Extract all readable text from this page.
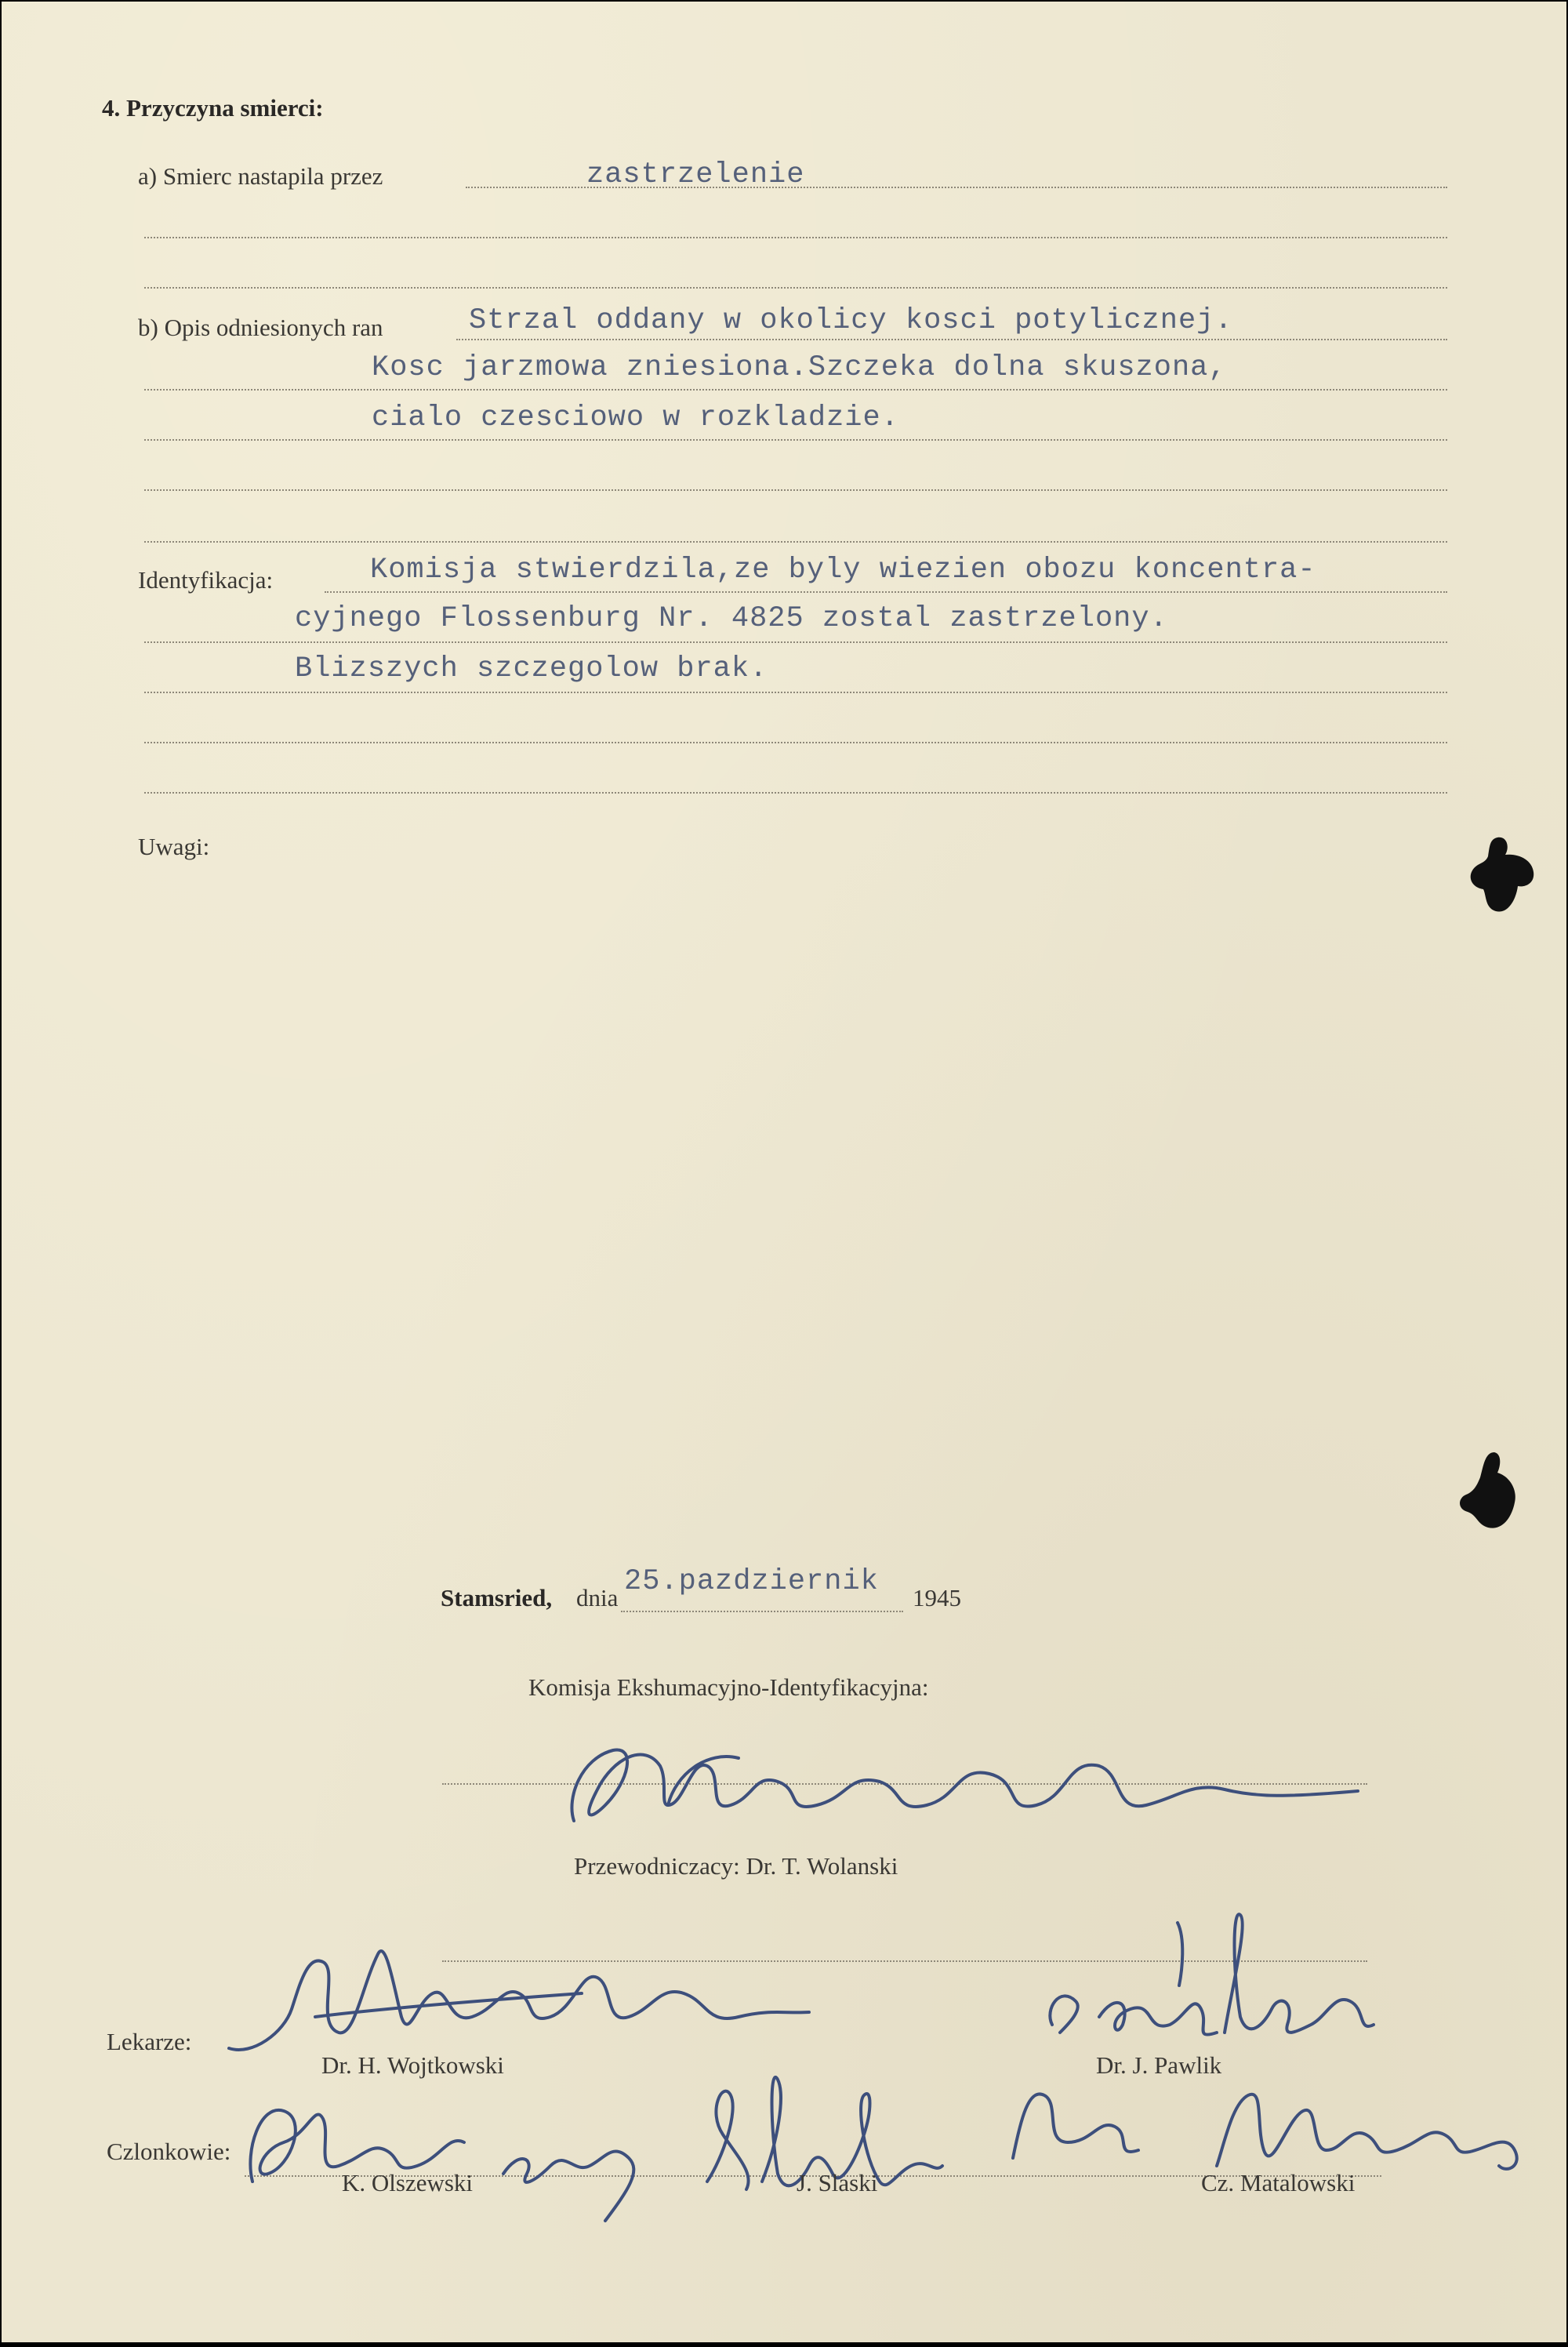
4. Przyczyna smierci:
a) Smierc nastapila przez	zastrzelenie
b) Opis odniesionych ran	Strzal oddany w okolicy kosci potylicznej.
Kosc jarzmowa zniesiona.Szczeka dolna skuszona,
cialo czesciowo w rozkladzie.
Identyfikacja:	Komisja stwierdzila,ze byly wiezien obozu koncentra-
cyjnego Flossenburg Nr. 4825 zostal zastrzelony.
Blizszych szczegolow brak.
Uwagi:
Stamsried, dnia 25.pazdziernik 1945
Komisja Ekshumacyjno-Identyfikacyjna:
Przewodniczacy: Dr. T. Wolanski
Lekarze:
Dr. H. Wojtkowski	Dr. J. Pawlik
Czlonkowie:
K. Olszewski	J. Slaski	Cz. Matalowski
